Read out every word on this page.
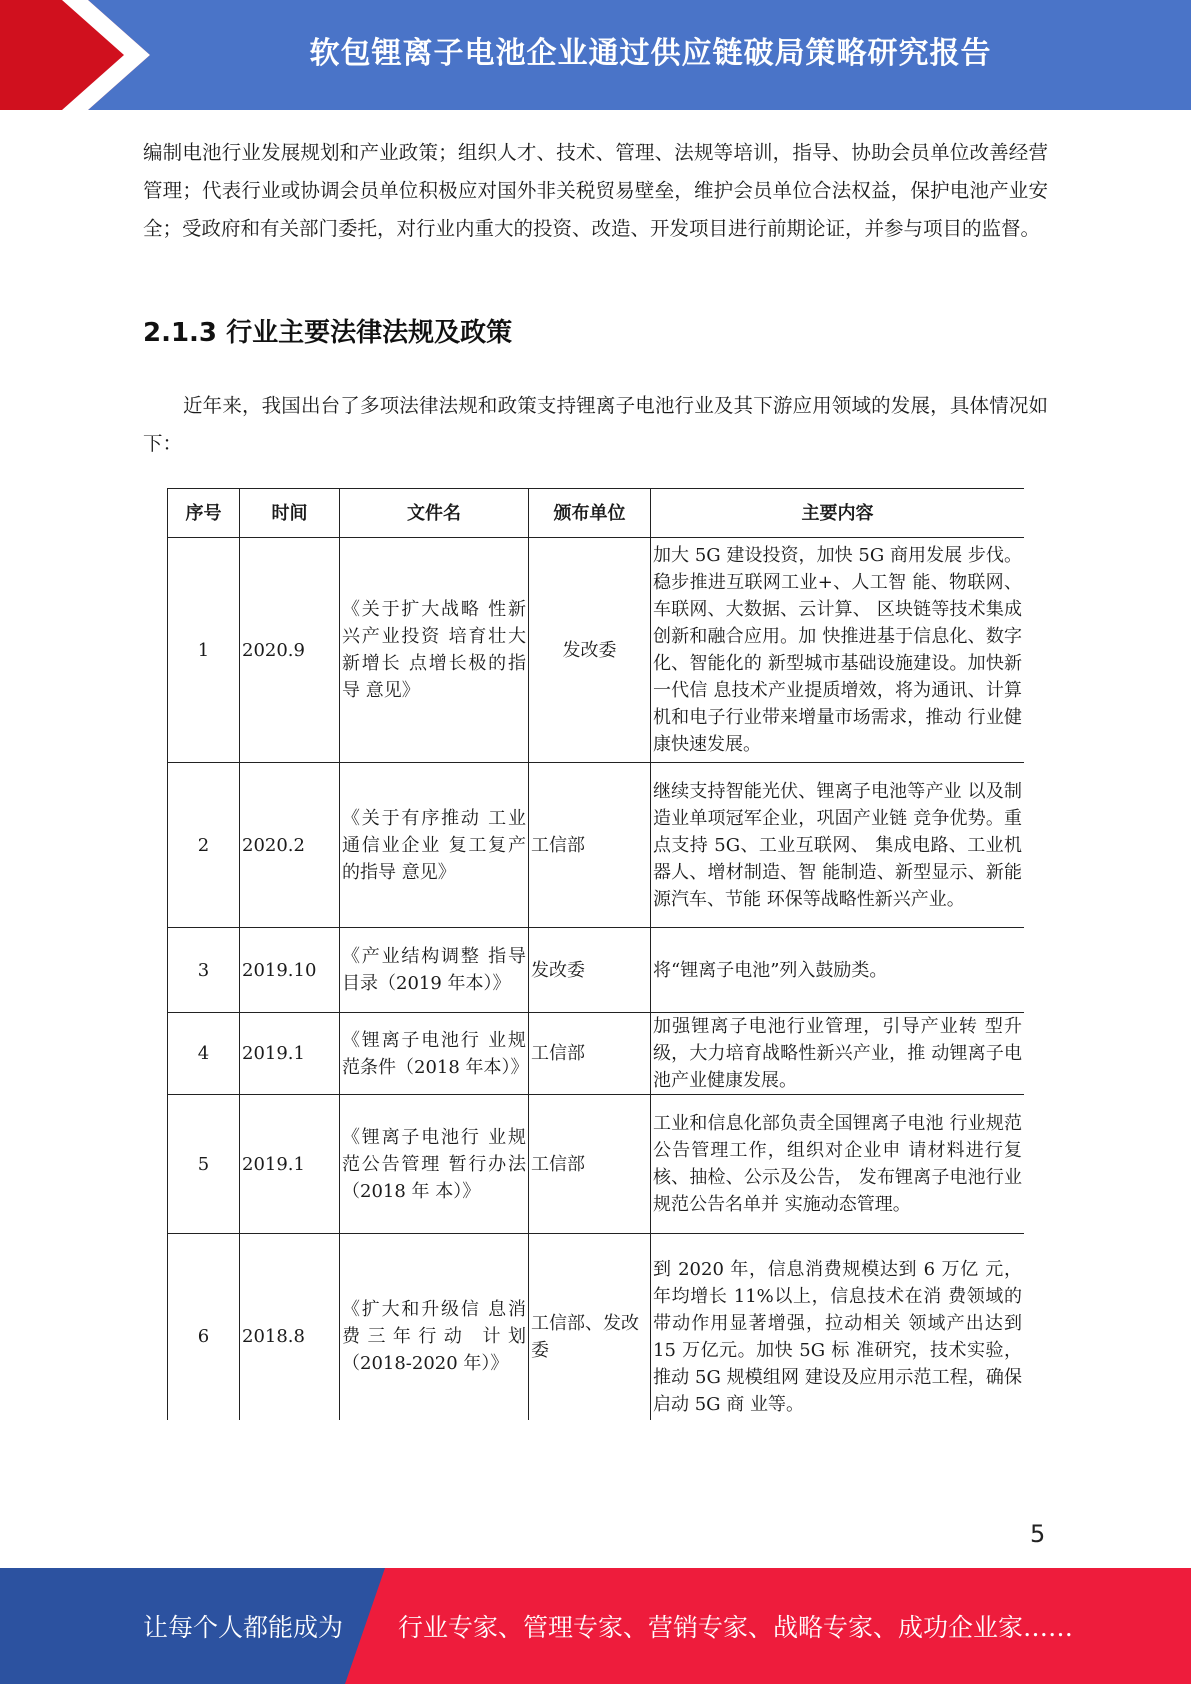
软包锂离子电池企业通过供应链破局策略研究报告
编制电池行业发展规划和产业政策；组织人才、技术、管理、法规等培训，指导、协助会员单位改善经营管理；代表行业或协调会员单位积极应对国外非关税贸易壁垒，维护会员单位合法权益，保护电池产业安全；受政府和有关部门委托，对行业内重大的投资、改造、开发项目进行前期论证，并参与项目的监督。
2.1.3 行业主要法律法规及政策
近年来，我国出台了多项法律法规和政策支持锂离子电池行业及其下游应用领域的发展，具体情况如下：
序号	时间	文件名	颁布单位	主要内容
1	2020.9	《关于扩大战略 性新兴产业投资 培育壮大新增长 点增长极的指导 意见》	发改委	加大 5G 建设投资，加快 5G 商用发展 步伐。稳步推进互联网工业+、人工智 能、物联网、车联网、大数据、云计算、 区块链等技术集成创新和融合应用。加 快推进基于信息化、数字化、智能化的 新型城市基础设施建设。加快新一代信 息技术产业提质增效，将为通讯、计算机和电子行业带来增量市场需求，推动 行业健康快速发展。
2	2020.2	《关于有序推动 工业通信业企业 复工复产的指导 意见》	工信部	继续支持智能光伏、锂离子电池等产业 以及制造业单项冠军企业，巩固产业链 竞争优势。重点支持 5G、工业互联网、 集成电路、工业机器人、增材制造、智 能制造、新型显示、新能源汽车、节能 环保等战略性新兴产业。
3	2019.10	《产业结构调整 指导目录（2019 年本）》	发改委	将“锂离子电池”列入鼓励类。
4	2019.1	《锂离子电池行 业规范条件（2018 年本）》	工信部	加强锂离子电池行业管理，引导产业转 型升级，大力培育战略性新兴产业，推 动锂离子电池产业健康发展。
5	2019.1	《锂离子电池行 业规范公告管理 暂行办法（2018 年 本）》	工信部	工业和信息化部负责全国锂离子电池 行业规范公告管理工作，组织对企业申 请材料进行复核、抽检、公示及公告， 发布锂离子电池行业规范公告名单并 实施动态管理。
6	2018.8	《扩大和升级信 息消费三年行动 计划（2018-2020 年）》	工信部、发改委	到 2020 年，信息消费规模达到 6 万亿 元，年均增长 11%以上，信息技术在消 费领域的带动作用显著增强，拉动相关 领域产出达到 15 万亿元。加快 5G 标 准研究，技术实验，推动 5G 规模组网 建设及应用示范工程，确保启动 5G 商 业等。
5
让每个人都能成为 行业专家、管理专家、营销专家、战略专家、成功企业家……
